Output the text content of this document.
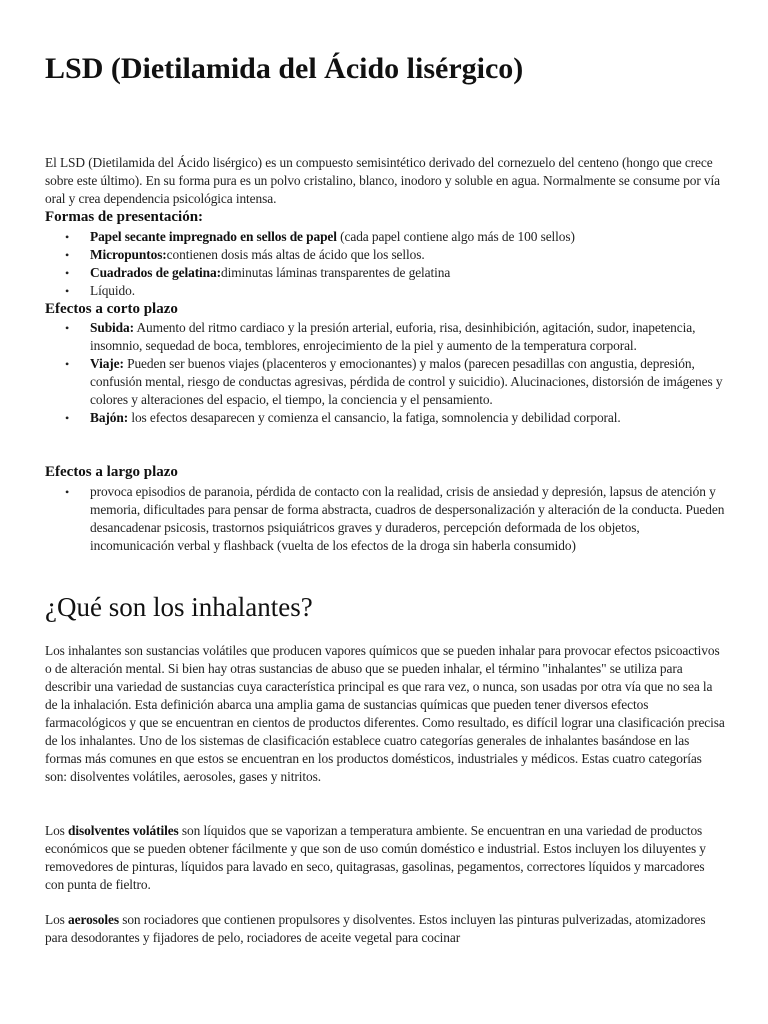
LSD (Dietilamida del Ácido lisérgico)

El LSD (Dietilamida del Ácido lisérgico) es un compuesto semisintético derivado del cornezuelo del centeno (hongo que crece sobre este último). En su forma pura es un polvo cristalino, blanco, inodoro y soluble en agua. Normalmente se consume por vía oral y crea dependencia psicológica intensa.

Formas de presentación:
• Papel secante impregnado en sellos de papel (cada papel contiene algo más de 100 sellos)
• Micropuntos:contienen dosis más altas de ácido que los sellos.
• Cuadrados de gelatina:diminutas láminas transparentes de gelatina
• Líquido.
Efectos a corto plazo
• Subida: Aumento del ritmo cardiaco y la presión arterial, euforia, risa, desinhibición, agitación, sudor, inapetencia, insomnio, sequedad de boca, temblores, enrojecimiento de la piel y aumento de la temperatura corporal.
• Viaje: Pueden ser buenos viajes (placenteros y emocionantes) y malos (parecen pesadillas con angustia, depresión, confusión mental, riesgo de conductas agresivas, pérdida de control y suicidio). Alucinaciones, distorsión de imágenes y colores y alteraciones del espacio, el tiempo, la conciencia y el pensamiento.
• Bajón: los efectos desaparecen y comienza el cansancio, la fatiga, somnolencia y debilidad corporal.
Efectos a largo plazo
• provoca episodios de paranoia, pérdida de contacto con la realidad, crisis de ansiedad y depresión, lapsus de atención y memoria, dificultades para pensar de forma abstracta, cuadros de despersonalización y alteración de la conducta. Pueden desancadenar psicosis, trastornos psiquiátricos graves y duraderos, percepción deformada de los objetos, incomunicación verbal y flashback (vuelta de los efectos de la droga sin haberla consumido)
¿Qué son los inhalantes?

Los inhalantes son sustancias volátiles que producen vapores químicos que se pueden inhalar para provocar efectos psicoactivos o de alteración mental. Si bien hay otras sustancias de abuso que se pueden inhalar, el término "inhalantes" se utiliza para describir una variedad de sustancias cuya característica principal es que rara vez, o nunca, son usadas por otra vía que no sea la de la inhalación. Esta definición abarca una amplia gama de sustancias químicas que pueden tener diversos efectos farmacológicos y que se encuentran en cientos de productos diferentes. Como resultado, es difícil lograr una clasificación precisa de los inhalantes. Uno de los sistemas de clasificación establece cuatro categorías generales de inhalantes basándose en las formas más comunes en que estos se encuentran en los productos domésticos, industriales y médicos. Estas cuatro categorías son: disolventes volátiles, aerosoles, gases y nitritos.

Los disolventes volátiles son líquidos que se vaporizan a temperatura ambiente. Se encuentran en una variedad de productos económicos que se pueden obtener fácilmente y que son de uso común doméstico e industrial. Estos incluyen los diluyentes y removedores de pinturas, líquidos para lavado en seco, quitagrasas, gasolinas, pegamentos, correctores líquidos y marcadores con punta de fieltro.

Los aerosoles son rociadores que contienen propulsores y disolventes. Estos incluyen las pinturas pulverizadas, atomizadores para desodorantes y fijadores de pelo, rociadores de aceite vegetal para cocinar
